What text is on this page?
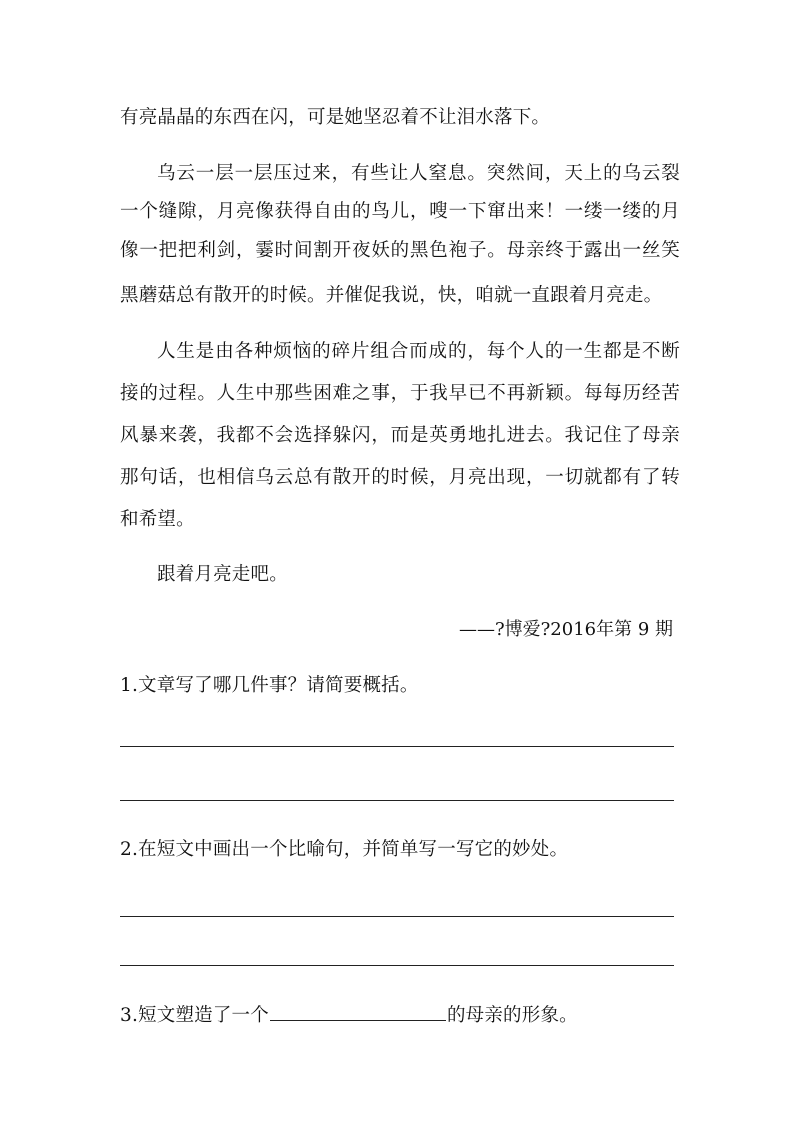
有亮晶晶的东西在闪，可是她坚忍着不让泪水落下。
乌云一层一层压过来，有些让人窒息。突然间，天上的乌云裂
一个缝隙，月亮像获得自由的鸟儿，嗖一下窜出来！一缕一缕的月
像一把把利剑，霎时间割开夜妖的黑色袍子。母亲终于露出一丝笑
黑蘑菇总有散开的时候。并催促我说，快，咱就一直跟着月亮走。
人生是由各种烦恼的碎片组合而成的，每个人的一生都是不断
接的过程。人生中那些困难之事，于我早已不再新颖。每每历经苦
风暴来袭，我都不会选择躲闪，而是英勇地扎进去。我记住了母亲
那句话，也相信乌云总有散开的时候，月亮出现，一切就都有了转
和希望。
跟着月亮走吧。
——?博爱?2016年第 9 期
1.文章写了哪几件事？请简要概括。
2.在短文中画出一个比喻句，并简单写一写它的妙处。
3.短文塑造了一个	的母亲的形象。
